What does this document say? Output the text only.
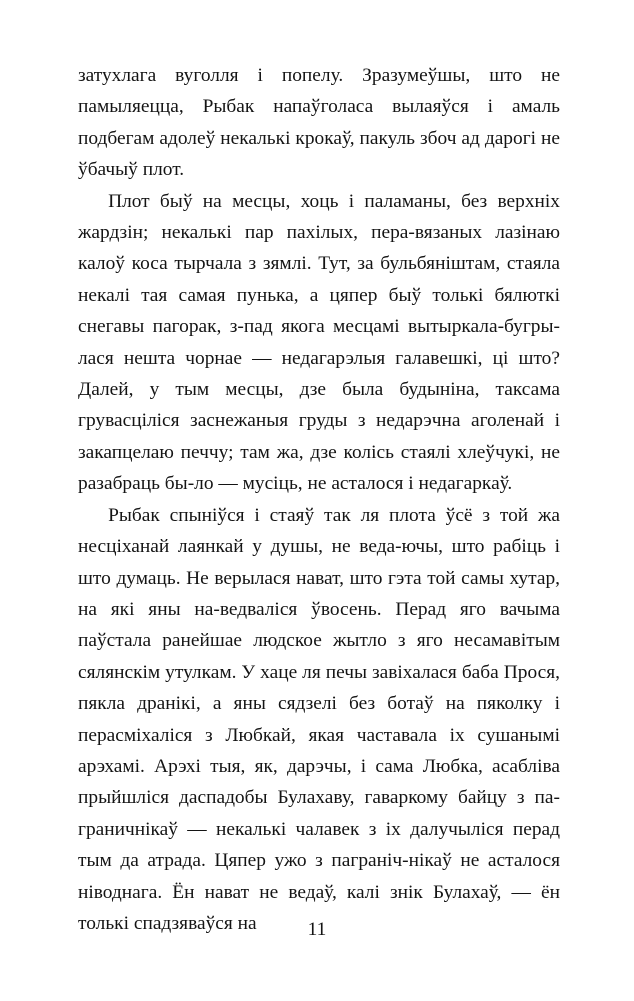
затухлага вуголля і попелу. Зразумеўшы, што не памыляецца, Рыбак напаўголаса вылаяўся і амаль подбегам адолеў некалькі крокаў, пакуль збоч ад дарогі не ўбачыў плот.

Плот быў на месцы, хоць і паламаны, без верхніх жардзін; некалькі пар пахілых, пера-вязаных лазінаю калоў коса тырчала з зямлі. Тут, за бульбяніштам, стаяла некалі тая самая пунька, а цяпер быў толькі бялюткі снегавы пагорак, з-пад якога месцамі вытыркала-бугры-лася нешта чорнае — недагарэлыя галавешкі, ці што? Далей, у тым месцы, дзе была будыніна, таксама грувасціліся заснежаныя груды з недарэчна аголенай і закапцелаю печчу; там жа, дзе колісь стаялі хлеўчукі, не разабраць бы-ло — мусіць, не асталося і недагаркаў.

Рыбак спыніўся і стаяў так ля плота ўсё з той жа несціханай лаянкай у душы, не веда-ючы, што рабіць і што думаць. Не верылася нават, што гэта той самы хутар, на які яны на-ведваліся ўвосень. Перад яго вачыма паўстала ранейшае людское жытло з яго несамавітым сялянскім утулкам. У хаце ля печы завіхалася баба Прося, пякла дранікі, а яны сядзелі без ботаў на пяколку і перасміхаліся з Любкай, якая частавала іх сушанымі арэхамі. Арэхі тыя, як, дарэчы, і сама Любка, асабліва прыйшліся даспадобы Булахаву, гаваркому байцу з па-граничнікаў — некалькі чалавек з іх далучыліся перад тым да атрада. Цяпер ужо з паграніч-нікаў не асталося ніводнага. Ён нават не ведаў, калі знік Булахаў, — ён толькі спадзяваўся на	11
